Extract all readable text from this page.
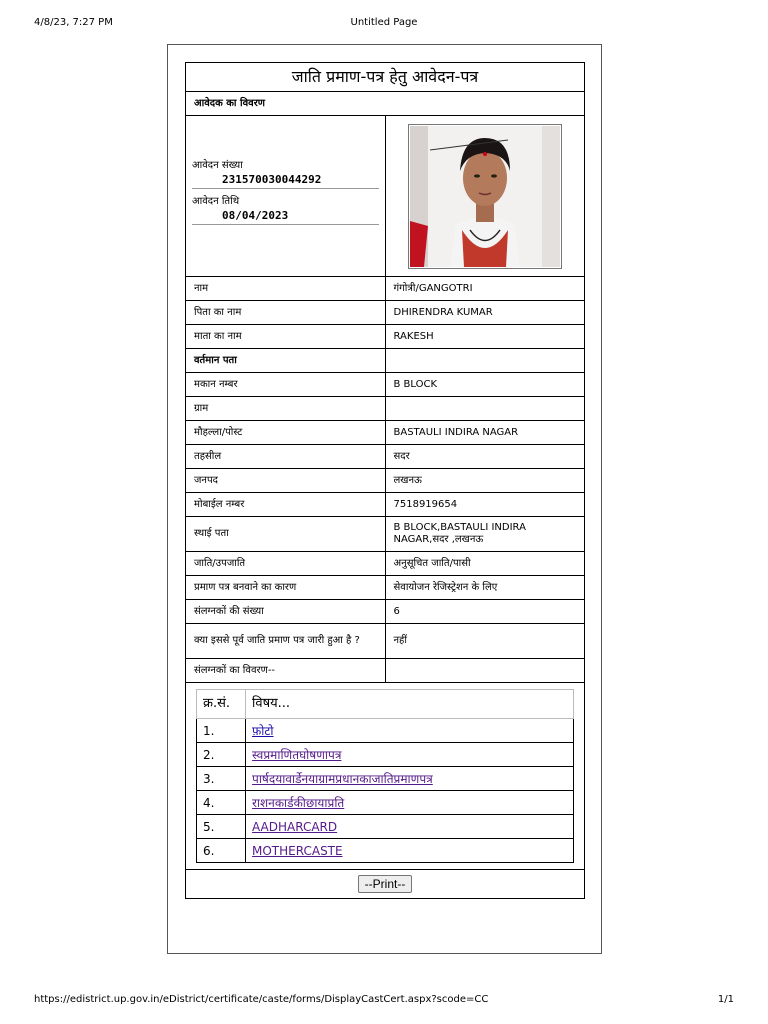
4/8/23, 7:27 PM	Untitled Page
जाति प्रमाण-पत्र हेतु आवेदन-पत्र
आवेदक का विवरण

आवेदन संख्या
231570030044292
आवेदन तिथि
08/04/2023

नाम	गंगोत्री/GANGOTRI
पिता का नाम	DHIRENDRA KUMAR
माता का नाम	RAKESH
वर्तमान पता	
मकान नम्बर	B BLOCK
ग्राम	
मौहल्ला/पोस्ट	BASTAULI INDIRA NAGAR
तहसील	सदर
जनपद	लखनऊ
मोबाईल नम्बर	7518919654
स्थाई पता	B BLOCK,BASTAULI INDIRA NAGAR,सदर ,लखनऊ
जाति/उपजाति	अनुसूचित जाति/पासी
प्रमाण पत्र बनवाने का कारण	सेवायोजन रेजिस्ट्रेशन के लिए
संलग्नकों की संख्या	6
क्या इससे पूर्व जाति प्रमाण पत्र जारी हुआ है ?	नहीं
संलग्नकों का विवरण--	

क्र.सं.	विषय...
1.	फ़ोटो
2.	स्वप्रमाणितघोषणापत्र
3.	पार्षदयावार्डेनयाग्रामप्रधानकाजातिप्रमाणपत्र
4.	राशनकार्डकीछायाप्रति
5.	AADHARCARD
6.	MOTHERCASTE

--Print--
https://edistrict.up.gov.in/eDistrict/certificate/caste/forms/DisplayCastCert.aspx?scode=CC	1/1
